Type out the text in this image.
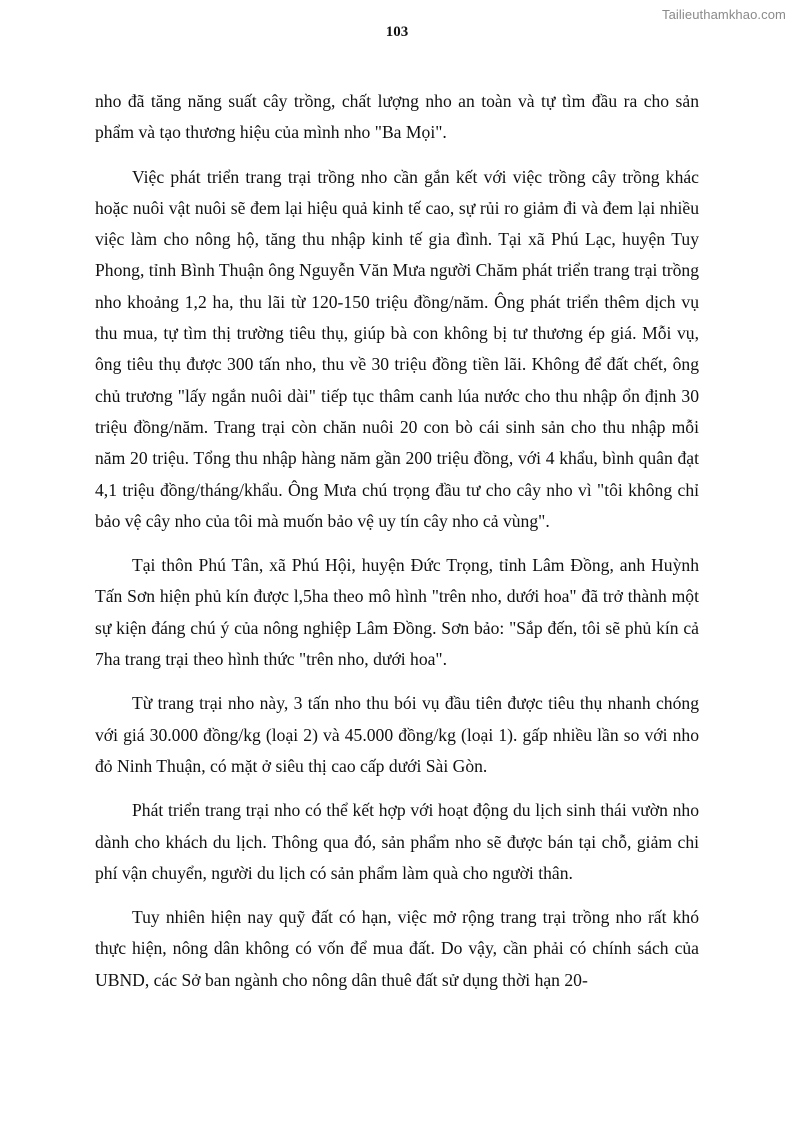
Tailieuthamkhao.com
103

nho đã tăng năng suất cây trồng, chất lượng nho an toàn và tự tìm đầu ra cho sản phẩm và tạo thương hiệu của mình nho "Ba Mọi".

Việc phát triển trang trại trồng nho cần gắn kết với việc trồng cây trồng khác hoặc nuôi vật nuôi sẽ đem lại hiệu quả kinh tế cao, sự rủi ro giảm đi và đem lại nhiều việc làm cho nông hộ, tăng thu nhập kinh tế gia đình. Tại xã Phú Lạc, huyện Tuy Phong, tỉnh Bình Thuận ông Nguyễn Văn Mưa người Chăm phát triển trang trại trồng nho khoảng 1,2 ha, thu lãi từ 120-150 triệu đồng/năm. Ông phát triển thêm dịch vụ thu mua, tự tìm thị trường tiêu thụ, giúp bà con không bị tư thương ép giá. Mỗi vụ, ông tiêu thụ được 300 tấn nho, thu về 30 triệu đồng tiền lãi. Không để đất chết, ông chủ trương "lấy ngắn nuôi dài" tiếp tục thâm canh lúa nước cho thu nhập ổn định 30 triệu đồng/năm. Trang trại còn chăn nuôi 20 con bò cái sinh sản cho thu nhập mỗi năm 20 triệu. Tổng thu nhập hàng năm gần 200 triệu đồng, với 4 khẩu, bình quân đạt 4,1 triệu đồng/tháng/khẩu. Ông Mưa chú trọng đầu tư cho cây nho vì "tôi không chỉ bảo vệ cây nho của tôi mà muốn bảo vệ uy tín cây nho cả vùng".

Tại thôn Phú Tân, xã Phú Hội, huyện Đức Trọng, tỉnh Lâm Đồng, anh Huỳnh Tấn Sơn hiện phủ kín được l,5ha theo mô hình "trên nho, dưới hoa" đã trở thành một sự kiện đáng chú ý của nông nghiệp Lâm Đồng. Sơn bảo: "Sắp đến, tôi sẽ phủ kín cả 7ha trang trại theo hình thức "trên nho, dưới hoa".

Từ trang trại nho này, 3 tấn nho thu bói vụ đầu tiên được tiêu thụ nhanh chóng với giá 30.000 đồng/kg (loại 2) và 45.000 đồng/kg (loại 1). gấp nhiều lần so với nho đỏ Ninh Thuận, có mặt ở siêu thị cao cấp dưới Sài Gòn.

Phát triển trang trại nho có thể kết hợp với hoạt động du lịch sinh thái vườn nho dành cho khách du lịch. Thông qua đó, sản phẩm nho sẽ được bán tại chỗ, giảm chi phí vận chuyển, người du lịch có sản phẩm làm quà cho người thân.

Tuy nhiên hiện nay quỹ đất có hạn, việc mở rộng trang trại trồng nho rất khó thực hiện, nông dân không có vốn để mua đất. Do vậy, cần phải có chính sách của UBND, các Sở ban ngành cho nông dân thuê đất sử dụng thời hạn 20-
